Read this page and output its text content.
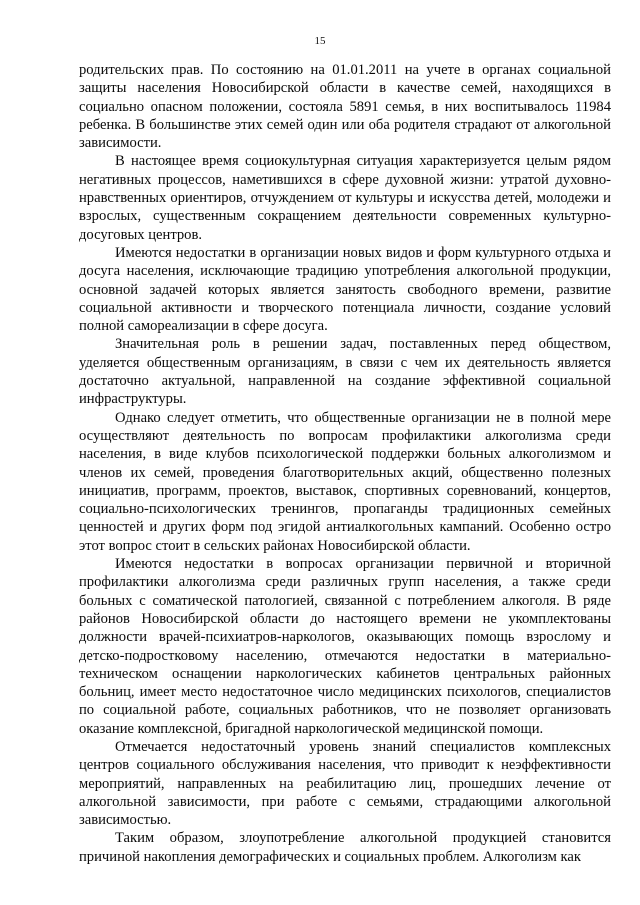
15

родительских прав. По состоянию на 01.01.2011 на учете в органах социальной защиты населения Новосибирской области в качестве семей, находящихся в социально опасном положении, состояла 5891 семья, в них воспитывалось 11984 ребенка. В большинстве этих семей один или оба родителя страдают от алкогольной зависимости.

В настоящее время социокультурная ситуация характеризуется целым рядом негативных процессов, наметившихся в сфере духовной жизни: утратой духовно-нравственных ориентиров, отчуждением от культуры и искусства детей, молодежи и взрослых, существенным сокращением деятельности современных культурно-досуговых центров.

Имеются недостатки в организации новых видов и форм культурного отдыха и досуга населения, исключающие традицию употребления алкогольной продукции, основной задачей которых является занятость свободного времени, развитие социальной активности и творческого потенциала личности, создание условий полной самореализации в сфере досуга.

Значительная роль в решении задач, поставленных перед обществом, уделяется общественным организациям, в связи с чем их деятельность является достаточно актуальной, направленной на создание эффективной социальной инфраструктуры.

Однако следует отметить, что общественные организации не в полной мере осуществляют деятельность по вопросам профилактики алкоголизма среди населения, в виде клубов психологической поддержки больных алкоголизмом и членов их семей, проведения благотворительных акций, общественно полезных инициатив, программ, проектов, выставок, спортивных соревнований, концертов, социально-психологических тренингов, пропаганды традиционных семейных ценностей и других форм под эгидой антиалкогольных кампаний. Особенно остро этот вопрос стоит в сельских районах Новосибирской области.

Имеются недостатки в вопросах организации первичной и вторичной профилактики алкоголизма среди различных групп населения, а также среди больных с соматической патологией, связанной с потреблением алкоголя. В ряде районов Новосибирской области до настоящего времени не укомплектованы должности врачей-психиатров-наркологов, оказывающих помощь взрослому и детско-подростковому населению, отмечаются недостатки в материально-техническом оснащении наркологических кабинетов центральных районных больниц, имеет место недостаточное число медицинских психологов, специалистов по социальной работе, социальных работников, что не позволяет организовать оказание комплексной, бригадной наркологической медицинской помощи.

Отмечается недостаточный уровень знаний специалистов комплексных центров социального обслуживания населения, что приводит к неэффективности мероприятий, направленных на реабилитацию лиц, прошедших лечение от алкогольной зависимости, при работе с семьями, страдающими алкогольной зависимостью.

Таким образом, злоупотребление алкогольной продукцией становится причиной накопления демографических и социальных проблем. Алкоголизм как
